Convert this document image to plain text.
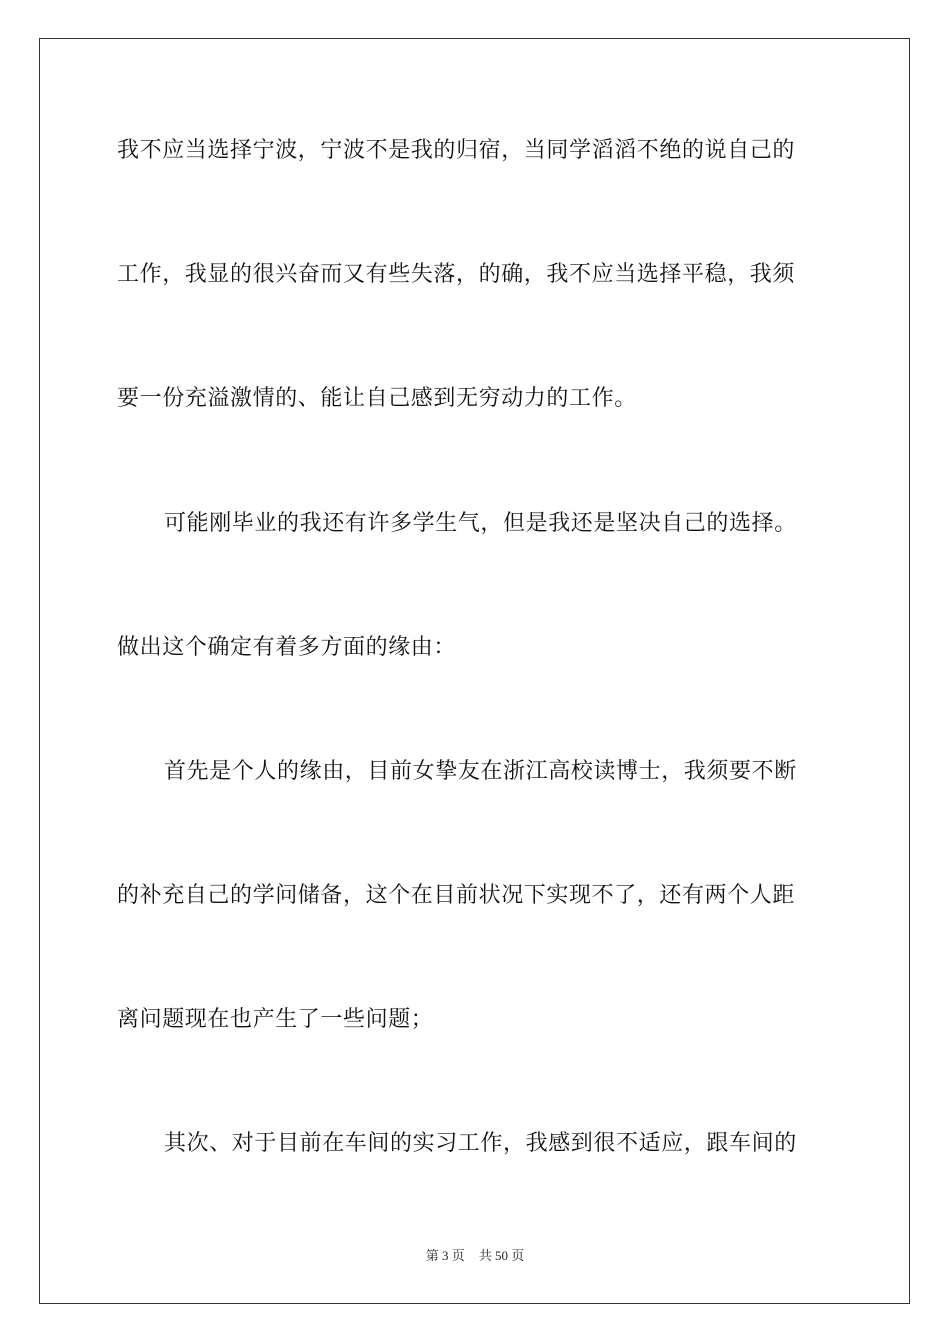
我不应当选择宁波，宁波不是我的归宿，当同学滔滔不绝的说自己的
工作，我显的很兴奋而又有些失落，的确，我不应当选择平稳，我须
要一份充溢激情的、能让自己感到无穷动力的工作。
可能刚毕业的我还有许多学生气，但是我还是坚决自己的选择。
做出这个确定有着多方面的缘由：
首先是个人的缘由，目前女挚友在浙江高校读博士，我须要不断
的补充自己的学问储备，这个在目前状况下实现不了，还有两个人距
离问题现在也产生了一些问题；
其次、对于目前在车间的实习工作，我感到很不适应，跟车间的
第 3 页 共 50 页
